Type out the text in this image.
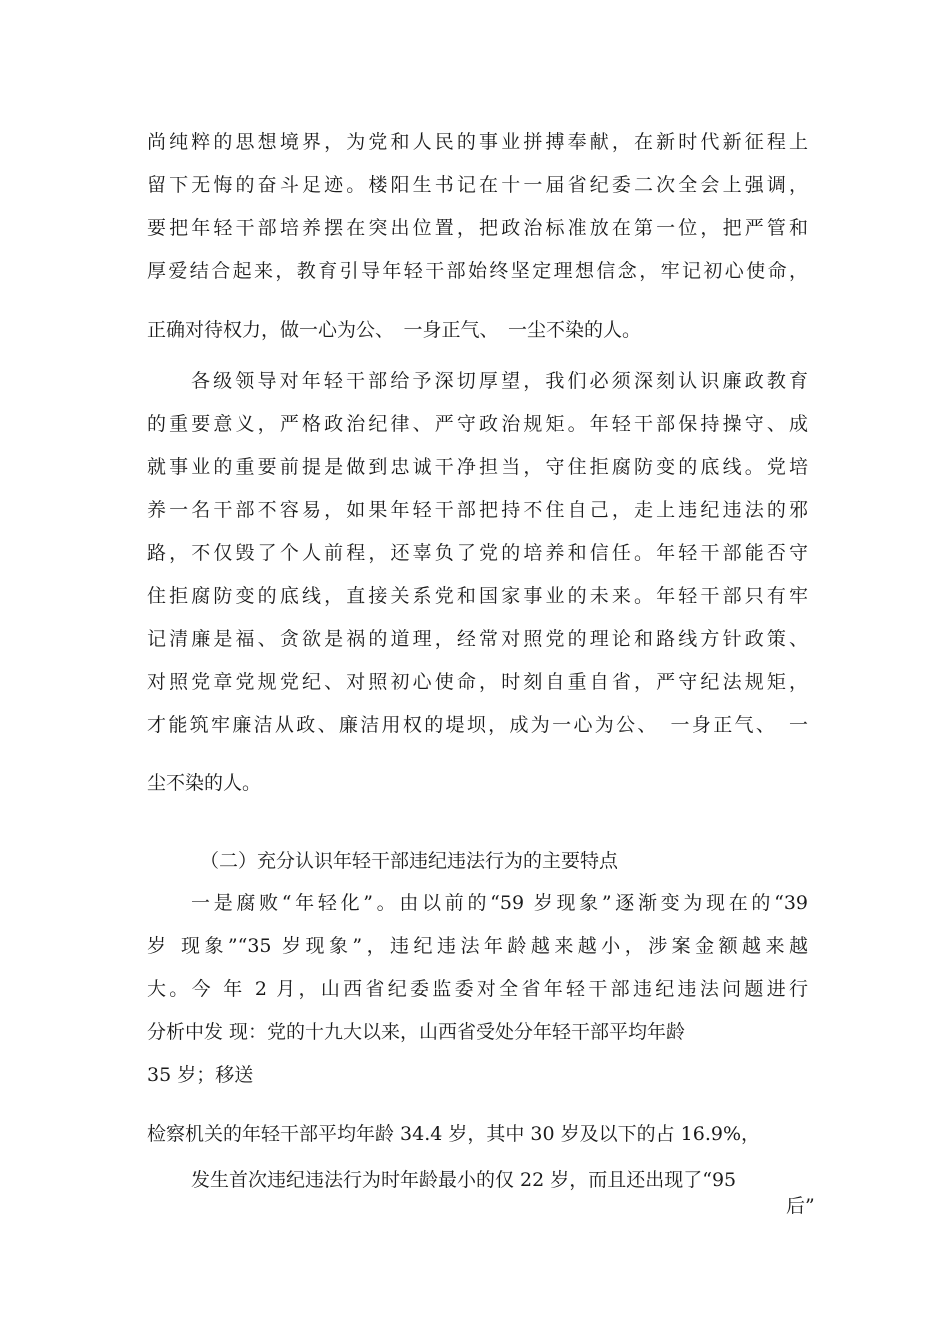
尚纯粹的思想境界，为党和人民的事业拼搏奉献，在新时代新征程上
留下无悔的奋斗足迹。楼阳生书记在十一届省纪委二次全会上强调，
要把年轻干部培养摆在突出位置，把政治标准放在第一位，把严管和
厚爱结合起来，教育引导年轻干部始终坚定理想信念，牢记初心使命，
正确对待权力，做一心为公、　一身正气、　一尘不染的人。
各级领导对年轻干部给予深切厚望，我们必须深刻认识廉政教育
的重要意义，严格政治纪律、严守政治规矩。年轻干部保持操守、成
就事业的重要前提是做到忠诚干净担当，守住拒腐防变的底线。党培
养一名干部不容易，如果年轻干部把持不住自己，走上违纪违法的邪
路，不仅毁了个人前程，还辜负了党的培养和信任。年轻干部能否守
住拒腐防变的底线，直接关系党和国家事业的未来。年轻干部只有牢
记清廉是福、贪欲是祸的道理，经常对照党的理论和路线方针政策、
对照党章党规党纪、对照初心使命，时刻自重自省，严守纪法规矩，
才能筑牢廉洁从政、廉洁用权的堤坝，成为一心为公、　一身正气、　一
尘不染的人。
（二）充分认识年轻干部违纪违法行为的主要特点
一是腐败“年轻化”。由以前的“59 岁现象”逐渐变为现在的“39
岁 现象”“35 岁现象”，违纪违法年龄越来越小，涉案金额越来越
大。今 年 2 月，山西省纪委监委对全省年轻干部违纪违法问题进行
分析中发 现：党的十九大以来，山西省受处分年轻干部平均年龄
35 岁；移送
检察机关的年轻干部平均年龄 34.4 岁，其中 30 岁及以下的占 16.9%，
发生首次违纪违法行为时年龄最小的仅 22 岁，而且还出现了“95
后”
